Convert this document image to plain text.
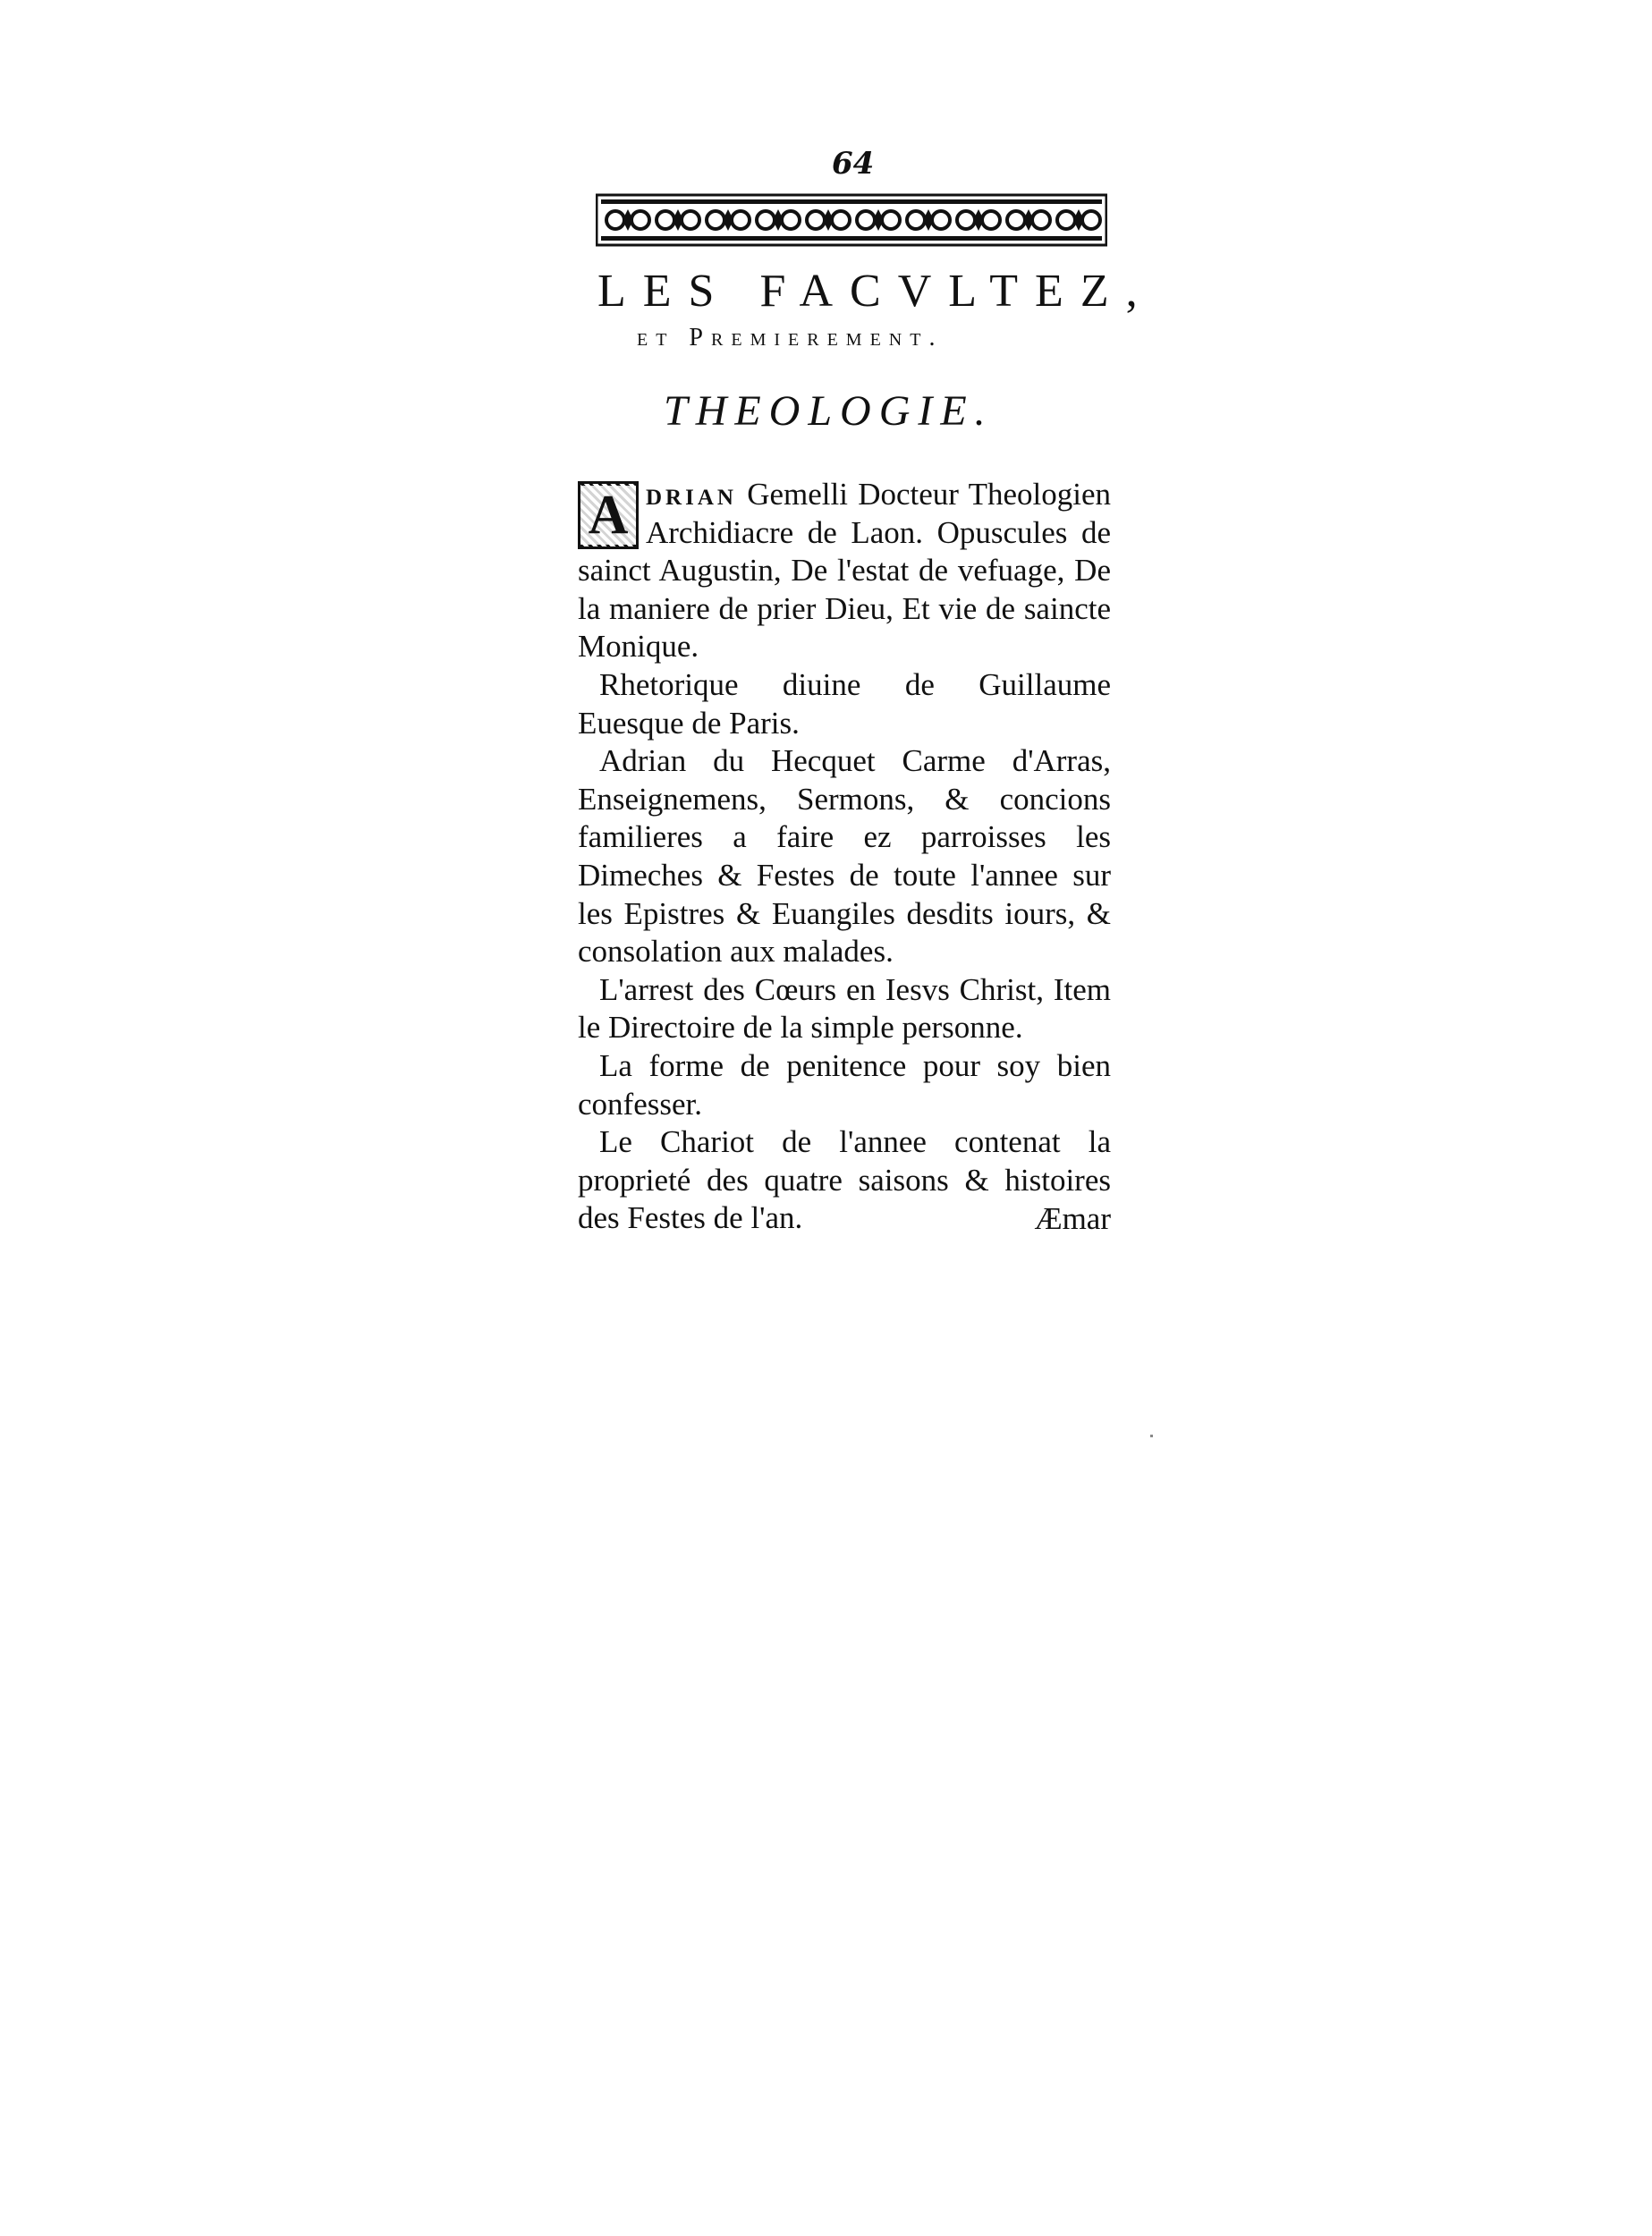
64
LES FACVLTEZ,
et Premierement.
THEOLOGIE.

A drian Gemelli Docteur Theologien Archidiacre de Laon. Opuscules de sainct Augustin, De l'estat de vefuage, De la maniere de prier Dieu, Et vie de saincte Monique.

Rhetorique diuine de Guillaume Euesque de Paris.

Adrian du Hecquet Carme d'Arras, Enseignemens, Sermons, & concions familieres a faire ez parroisses les Dimeches & Festes de toute l'annee sur les Epistres & Euangiles desdits iours, & consolation aux malades.

L'arrest des Cœurs en Iesvs Christ, Item le Directoire de la simple personne.

La forme de penitence pour soy bien confesser.

Le Chariot de l'annee contenat la proprieté des quatre saisons & histoires des Festes de l'an.	Æmar
